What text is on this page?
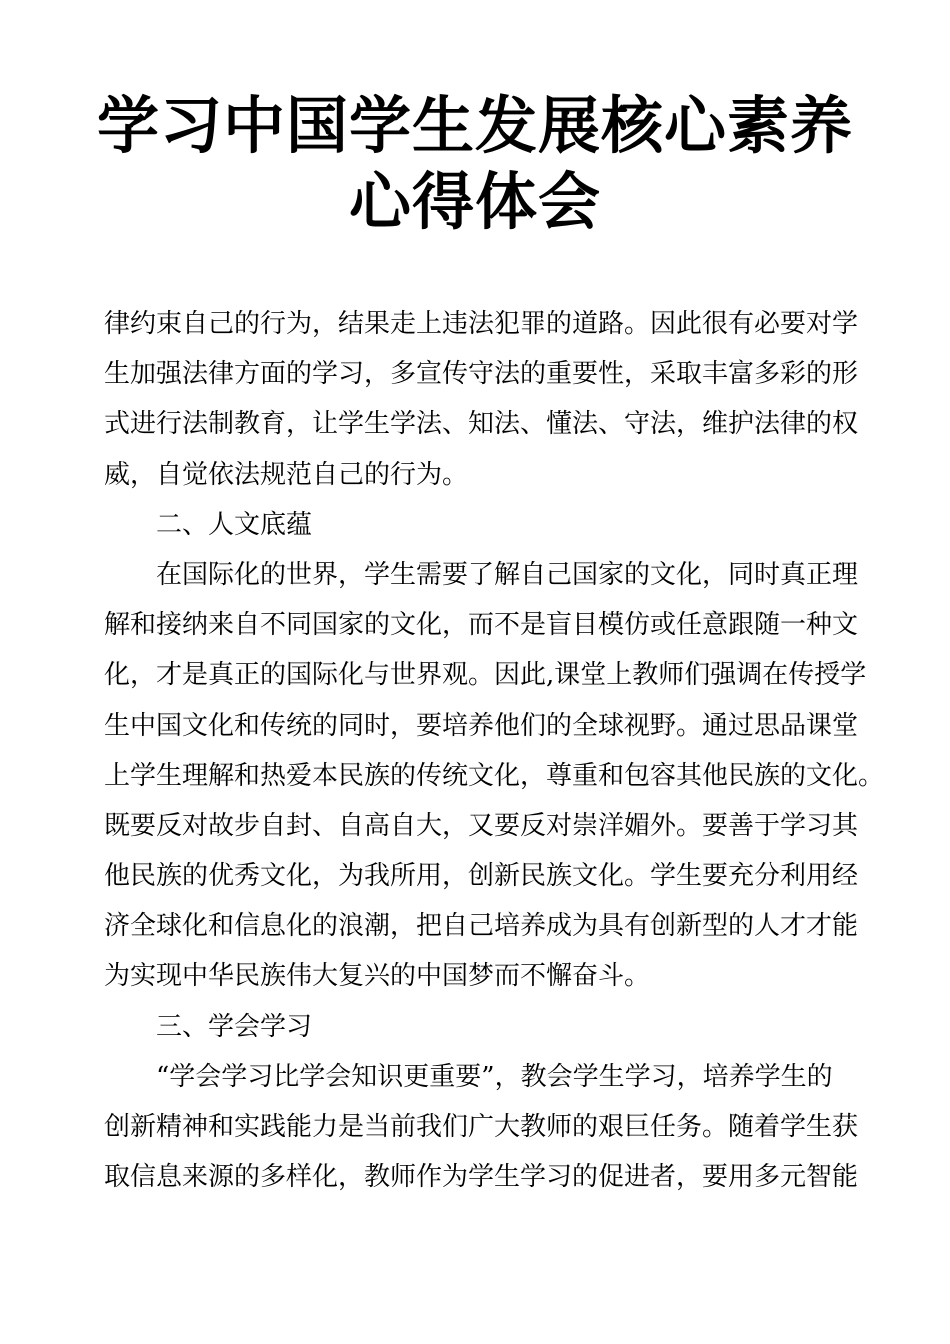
学习中国学生发展核心素养
心得体会
律约束自己的行为，结果走上违法犯罪的道路。因此很有必要对学
生加强法律方面的学习，多宣传守法的重要性，采取丰富多彩的形
式进行法制教育，让学生学法、知法、懂法、守法，维护法律的权
威，自觉依法规范自己的行为。
二、人文底蕴
在国际化的世界，学生需要了解自己国家的文化，同时真正理
解和接纳来自不同国家的文化，而不是盲目模仿或任意跟随一种文
化，才是真正的国际化与世界观。因此,课堂上教师们强调在传授学
生中国文化和传统的同时，要培养他们的全球视野。通过思品课堂
上学生理解和热爱本民族的传统文化，尊重和包容其他民族的文化。
既要反对故步自封、自高自大，又要反对崇洋媚外。要善于学习其
他民族的优秀文化，为我所用，创新民族文化。学生要充分利用经
济全球化和信息化的浪潮，把自己培养成为具有创新型的人才才能
为实现中华民族伟大复兴的中国梦而不懈奋斗。
三、学会学习
“学会学习比学会知识更重要”，教会学生学习，培养学生的
创新精神和实践能力是当前我们广大教师的艰巨任务。随着学生获
取信息来源的多样化，教师作为学生学习的促进者，要用多元智能
